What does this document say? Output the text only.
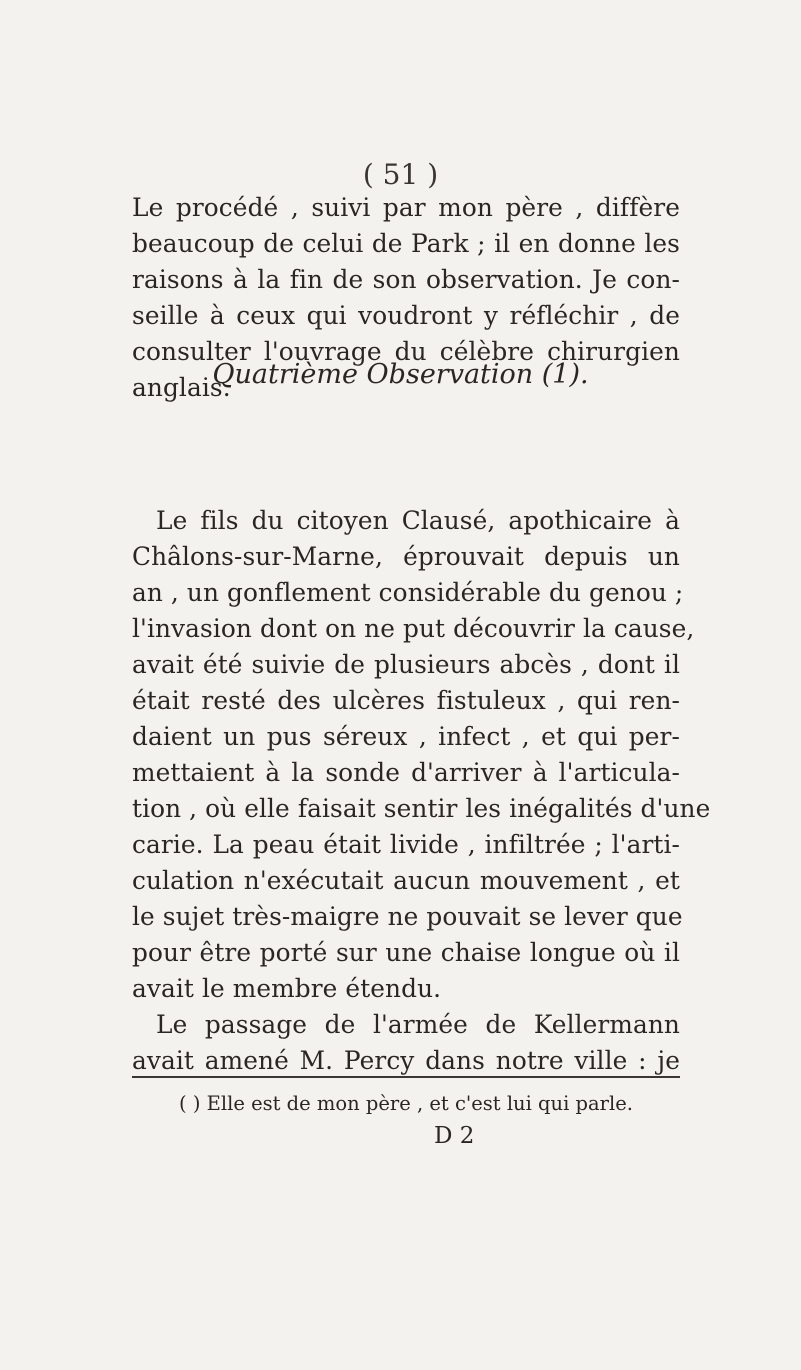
( 51 )
Le procédé , suivi par mon père , diffère
beaucoup de celui de Park ; il en donne les
raisons à la fin de son observation. Je con-
seille à ceux qui voudront y réfléchir , de
consulter l'ouvrage du célèbre chirurgien
anglais.
Quatrième Observation (1).
Le fils du citoyen Clausé, apothicaire à
Châlons-sur-Marne, éprouvait depuis un
an , un gonflement considérable du genou ;
l'invasion dont on ne put découvrir la cause,
avait été suivie de plusieurs abcès , dont il
était resté des ulcères fistuleux , qui ren-
daient un pus séreux , infect , et qui per-
mettaient à la sonde d'arriver à l'articula-
tion , où elle faisait sentir les inégalités d'une
carie. La peau était livide , infiltrée ; l'arti-
culation n'exécutait aucun mouvement , et
le sujet très-maigre ne pouvait se lever que
pour être porté sur une chaise longue où il
avait le membre étendu.
Le passage de l'armée de Kellermann
avait amené M. Percy dans notre ville : je
( ) Elle est de mon père , et c'est lui qui parle.
D 2
